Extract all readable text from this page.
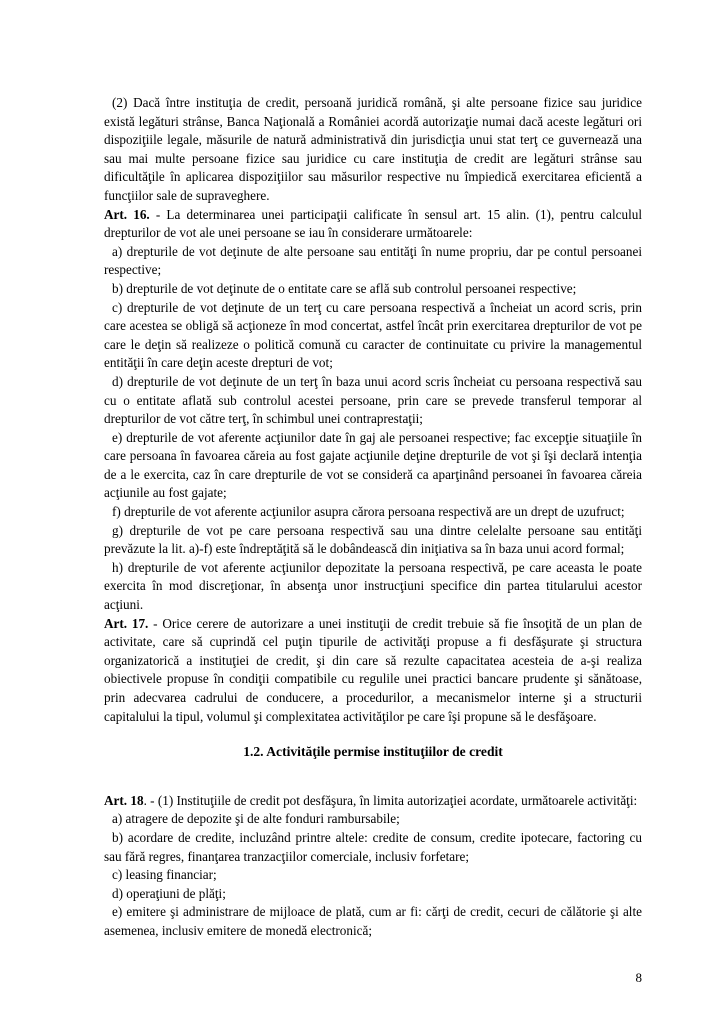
(2) Dacă între instituţia de credit, persoană juridică română, şi alte persoane fizice sau juridice există legături strânse, Banca Naţională a României acordă autorizaţie numai dacă aceste legături ori dispoziţiile legale, măsurile de natură administrativă din jurisdicţia unui stat terţ ce guvernează una sau mai multe persoane fizice sau juridice cu care instituţia de credit are legături strânse sau dificultăţile în aplicarea dispoziţiilor sau măsurilor respective nu împiedică exercitarea eficientă a funcţiilor sale de supraveghere.

Art. 16. - La determinarea unei participaţii calificate în sensul art. 15 alin. (1), pentru calculul drepturilor de vot ale unei persoane se iau în considerare următoarele:

a) drepturile de vot deţinute de alte persoane sau entităţi în nume propriu, dar pe contul persoanei respective;

b) drepturile de vot deţinute de o entitate care se află sub controlul persoanei respective;

c) drepturile de vot deţinute de un terţ cu care persoana respectivă a încheiat un acord scris, prin care acestea se obligă să acţioneze în mod concertat, astfel încât prin exercitarea drepturilor de vot pe care le deţin să realizeze o politică comună cu caracter de continuitate cu privire la managementul entităţii în care deţin aceste drepturi de vot;

d) drepturile de vot deţinute de un terţ în baza unui acord scris încheiat cu persoana respectivă sau cu o entitate aflată sub controlul acestei persoane, prin care se prevede transferul temporar al drepturilor de vot către terţ, în schimbul unei contraprestaţii;

e) drepturile de vot aferente acţiunilor date în gaj ale persoanei respective; fac excepţie situaţiile în care persoana în favoarea căreia au fost gajate acţiunile deţine drepturile de vot şi îşi declară intenţia de a le exercita, caz în care drepturile de vot se consideră ca aparţinând persoanei în favoarea căreia acţiunile au fost gajate;

f) drepturile de vot aferente acţiunilor asupra cărora persoana respectivă are un drept de uzufruct;

g) drepturile de vot pe care persoana respectivă sau una dintre celelalte persoane sau entităţi prevăzute la lit. a)-f) este îndreptăţită să le dobândească din iniţiativa sa în baza unui acord formal;

h) drepturile de vot aferente acţiunilor depozitate la persoana respectivă, pe care aceasta le poate exercita în mod discreţionar, în absenţa unor instrucţiuni specifice din partea titularului acestor acţiuni.

Art. 17. - Orice cerere de autorizare a unei instituţii de credit trebuie să fie însoţită de un plan de activitate, care să cuprindă cel puţin tipurile de activităţi propuse a fi desfăşurate şi structura organizatorică a instituţiei de credit, şi din care să rezulte capacitatea acesteia de a-şi realiza obiectivele propuse în condiţii compatibile cu regulile unei practici bancare prudente şi sănătoase, prin adecvarea cadrului de conducere, a procedurilor, a mecanismelor interne şi a structurii capitalului la tipul, volumul şi complexitatea activităţilor pe care îşi propune să le desfăşoare.

1.2. Activităţile permise instituţiilor de credit

Art. 18. - (1) Instituţiile de credit pot desfăşura, în limita autorizaţiei acordate, următoarele activităţi:

a) atragere de depozite şi de alte fonduri rambursabile;

b) acordare de credite, incluzând printre altele: credite de consum, credite ipotecare, factoring cu sau fără regres, finanţarea tranzacţiilor comerciale, inclusiv forfetare;

c) leasing financiar;

d) operaţiuni de plăţi;

e) emitere şi administrare de mijloace de plată, cum ar fi: cărţi de credit, cecuri de călătorie şi alte asemenea, inclusiv emitere de monedă electronică;

8
